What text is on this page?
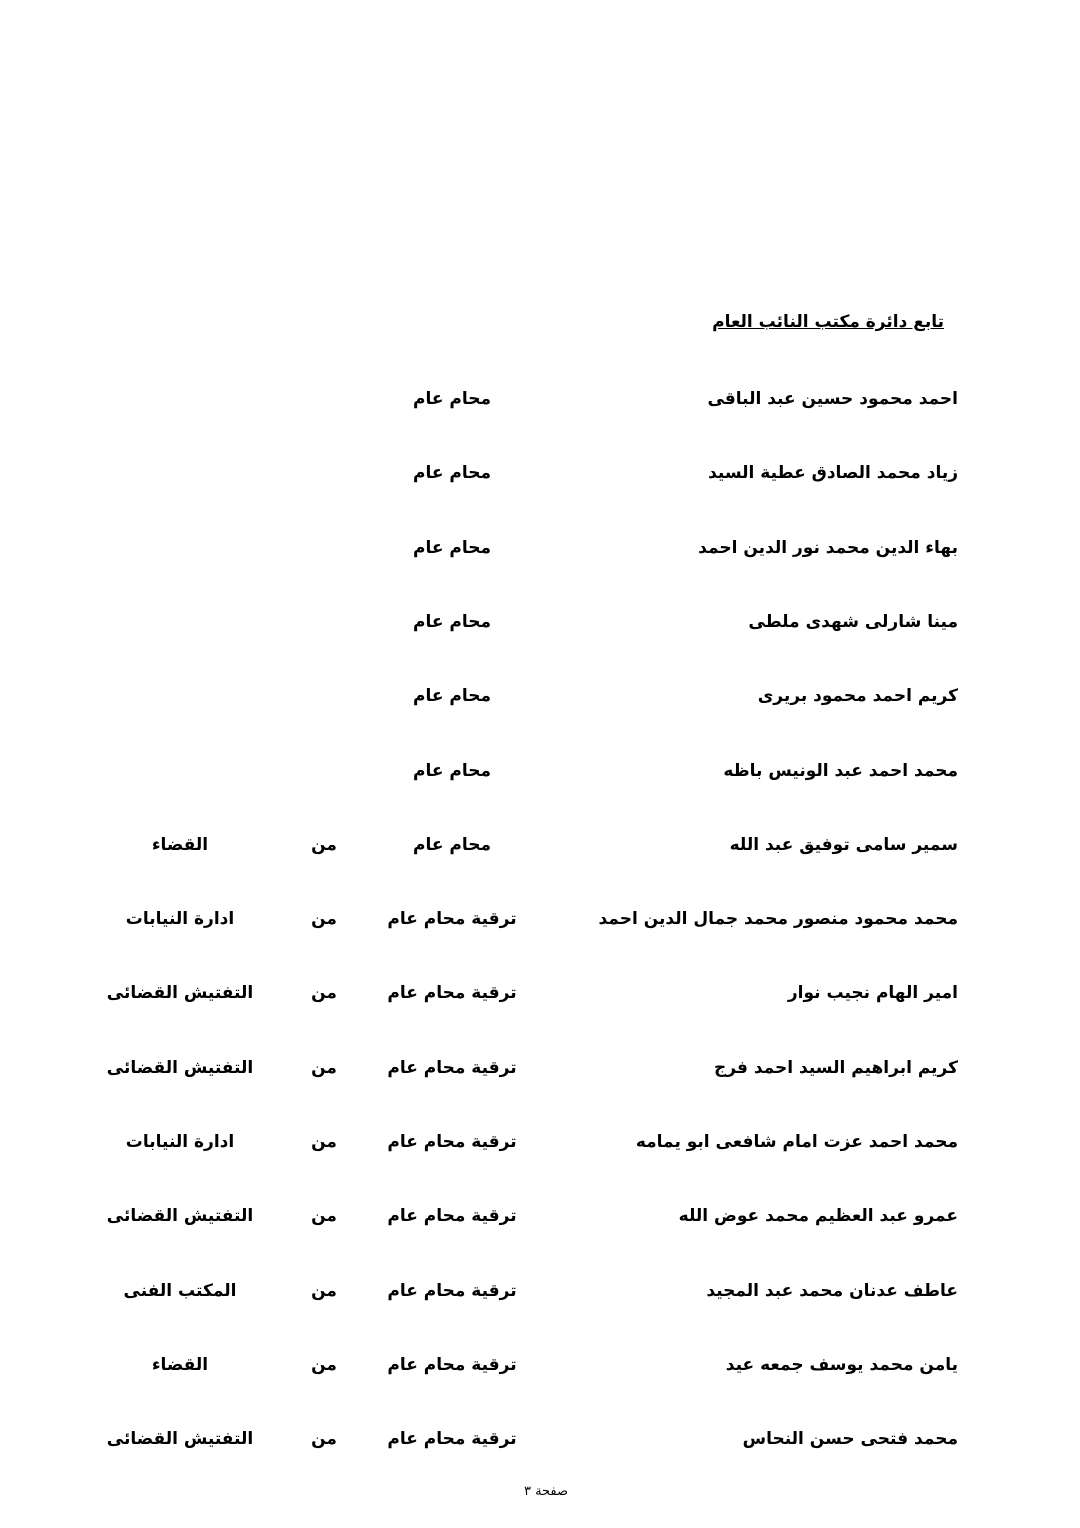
تابع دائرة مكتب النائب العام
احمد محمود حسين عبد الباقى
محام عام
زياد محمد الصادق عطية السيد
محام عام
بهاء الدين محمد نور الدين احمد
محام عام
مينا شارلى شهدى ملطى
محام عام
كريم احمد محمود بريرى
محام عام
محمد احمد عبد الونيس باظه
محام عام
سمير سامى توفيق عبد الله
محام عام
من
القضاء
محمد محمود منصور محمد جمال الدين احمد
ترقية محام عام
من
ادارة النيابات
امير الهام نجيب نوار
ترقية محام عام
من
التفتيش القضائى
كريم ابراهيم السيد احمد فرج
ترقية محام عام
من
التفتيش القضائى
محمد احمد عزت امام شافعى ابو يمامه
ترقية محام عام
من
ادارة النيابات
عمرو عبد العظيم محمد عوض الله
ترقية محام عام
من
التفتيش القضائى
عاطف عدنان محمد عبد المجيد
ترقية محام عام
من
المكتب الفنى
يامن محمد يوسف جمعه عيد
ترقية محام عام
من
القضاء
محمد فتحى حسن النحاس
ترقية محام عام
من
التفتيش القضائى
صفحة ٣
